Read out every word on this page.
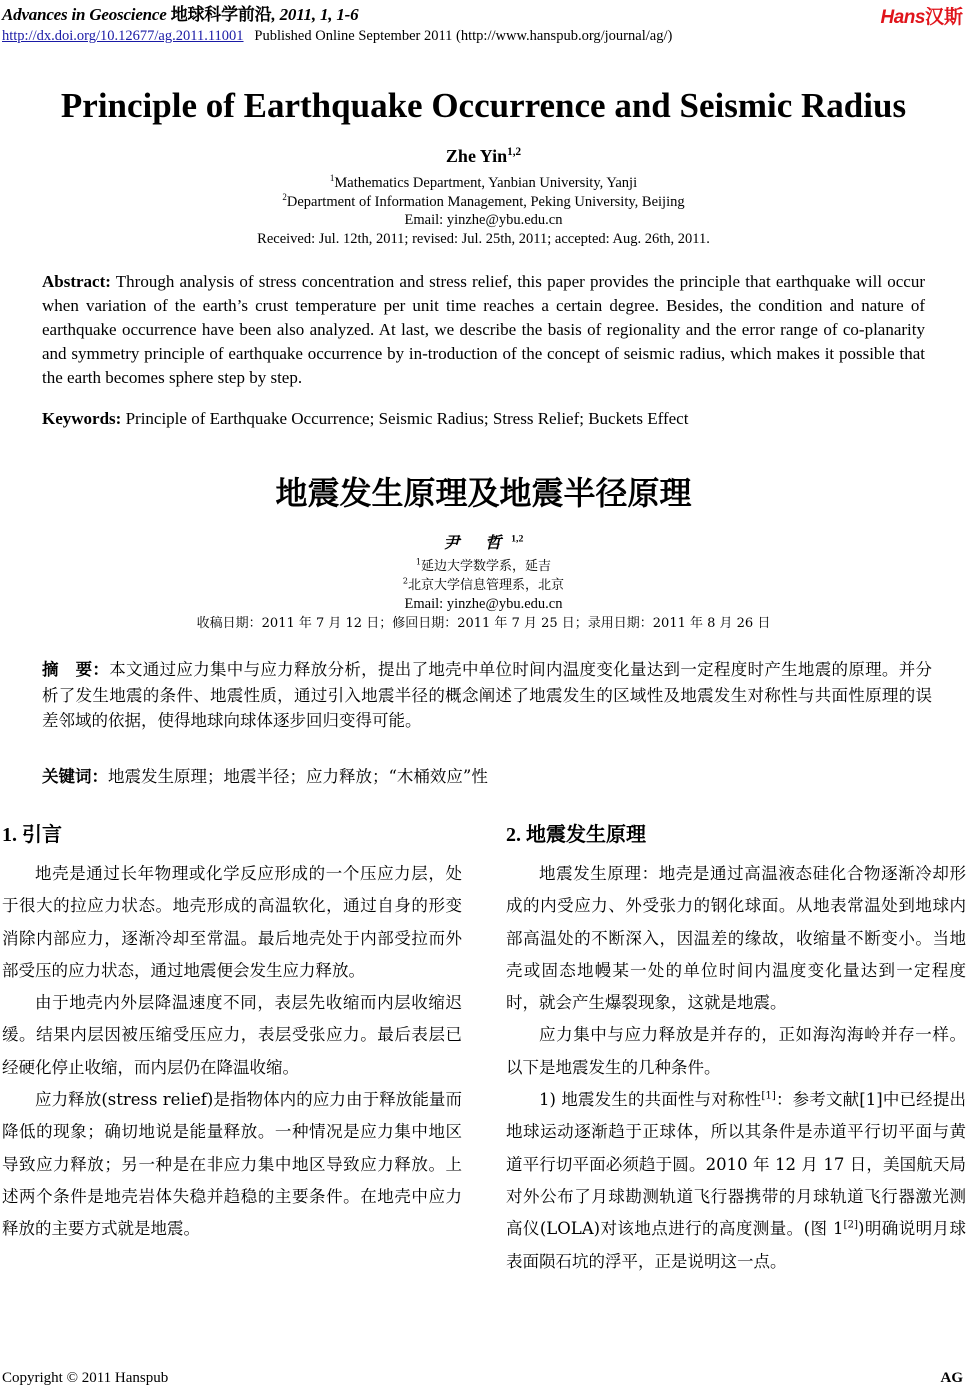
Advances in Geoscience 地球科学前沿, 2011, 1, 1-6
http://dx.doi.org/10.12677/ag.2011.11001 Published Online September 2011 (http://www.hanspub.org/journal/ag/)
Hans汉斯
Principle of Earthquake Occurrence and Seismic Radius
Zhe Yin$^{1,2}$
$^1$Mathematics Department, Yanbian University, Yanji
$^2$Department of Information Management, Peking University, Beijing
Email: yinzhe@ybu.edu.cn
Received: Jul. 12th, 2011; revised: Jul. 25th, 2011; accepted: Aug. 26th, 2011.
Abstract: Through analysis of stress concentration and stress relief, this paper provides the principle that earthquake will occur when variation of the earth’s crust temperature per unit time reaches a certain degree. Besides, the condition and nature of earthquake occurrence have been also analyzed. At last, we describe the basis of regionality and the error range of co-planarity and symmetry principle of earthquake occurrence by in-troduction of the concept of seismic radius, which makes it possible that the earth becomes sphere step by step.
Keywords: Principle of Earthquake Occurrence; Seismic Radius; Stress Relief; Buckets Effect
地震发生原理及地震半径原理
尹 哲$^{1,2}$
$^1$延边大学数学系，延吉
$^2$北京大学信息管理系，北京
Email: yinzhe@ybu.edu.cn
收稿日期：2011 年 7 月 12 日；修回日期：2011 年 7 月 25 日；录用日期：2011 年 8 月 26 日
摘　要：本文通过应力集中与应力释放分析，提出了地壳中单位时间内温度变化量达到一定程度时产生地震的原理。并分析了发生地震的条件、地震性质，通过引入地震半径的概念阐述了地震发生的区域性及地震发生对称性与共面性原理的误差邻域的依据，使得地球向球体逐步回归变得可能。
关键词：地震发生原理；地震半径；应力释放；“木桶效应”性
1. 引言

地壳是通过长年物理或化学反应形成的一个压应力层，处于很大的拉应力状态。地壳形成的高温软化，通过自身的形变消除内部应力，逐渐冷却至常温。最后地壳处于内部受拉而外部受压的应力状态，通过地震便会发生应力释放。

由于地壳内外层降温速度不同，表层先收缩而内层收缩迟缓。结果内层因被压缩受压应力，表层受张应力。最后表层已经硬化停止收缩，而内层仍在降温收缩。

应力释放(stress relief)是指物体内的应力由于释放能量而降低的现象；确切地说是能量释放。一种情况是应力集中地区导致应力释放；另一种是在非应力集中地区导致应力释放。上述两个条件是地壳岩体失稳并趋稳的主要条件。在地壳中应力释放的主要方式就是地震。

2. 地震发生原理

地震发生原理：地壳是通过高温液态硅化合物逐渐冷却形成的内受应力、外受张力的钢化球面。从地表常温处到地球内部高温处的不断深入，因温差的缘故，收缩量不断变小。当地壳或固态地幔某一处的单位时间内温度变化量达到一定程度时，就会产生爆裂现象，这就是地震。

应力集中与应力释放是并存的，正如海沟海岭并存一样。以下是地震发生的几种条件。

1) 地震发生的共面性与对称性[1]：参考文献[1]中已经提出地球运动逐渐趋于正球体，所以其条件是赤道平行切平面与黄道平行切平面必须趋于圆。2010 年 12 月 17 日，美国航天局对外公布了月球勘测轨道飞行器携带的月球轨道飞行器激光测高仪(LOLA)对该地点进行的高度测量。(图 1[2])明确说明月球表面陨石坑的浮平，正是说明这一点。

Copyright © 2011 Hanspub	AG
